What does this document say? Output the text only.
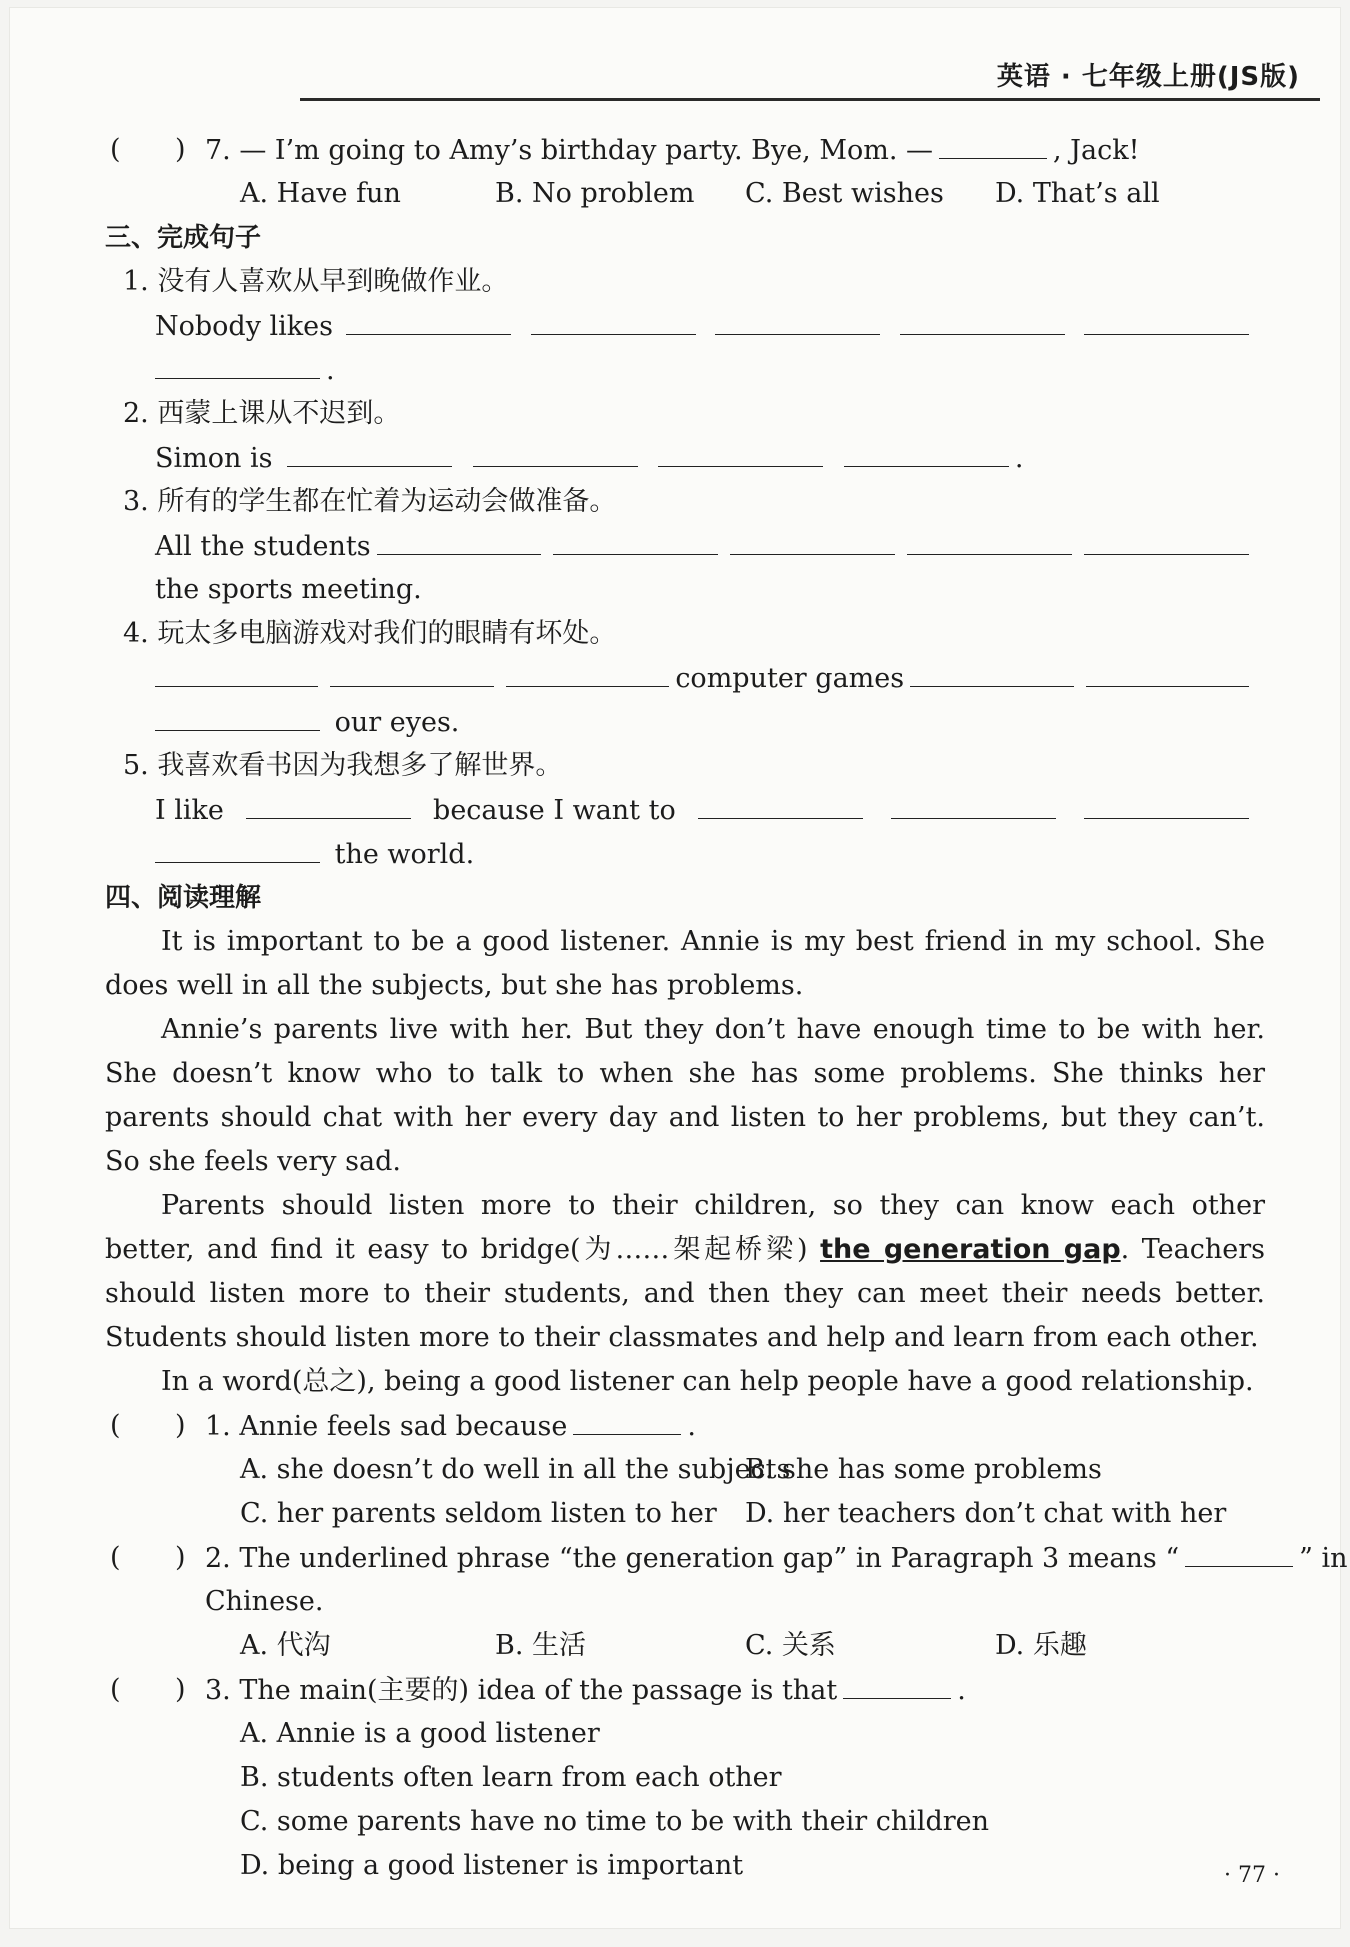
英语 · 七年级上册(JS版)
( ) 7. — I’m going to Amy’s birthday party. Bye, Mom. —	, Jack!
A. Have fun	B. No problem C. Best wishes D. That’s all
三、完成句子
1. 没有人喜欢从早到晚做作业。
Nobody likes
.
2. 西蒙上课从不迟到。
Simon is	.
3. 所有的学生都在忙着为运动会做准备。
All the students
the sports meeting.
4. 玩太多电脑游戏对我们的眼睛有坏处。
computer games
our eyes.
5. 我喜欢看书因为我想多了解世界。
I like	because I want to
the world.
四、阅读理解
It is important to be a good listener. Annie is my best friend in my school. She does well in all the subjects, but she has problems.
Annie’s parents live with her. But they don’t have enough time to be with her. She doesn’t know who to talk to when she has some problems. She thinks her parents should chat with her every day and listen to her problems, but they can’t. So she feels very sad.
Parents should listen more to their children, so they can know each other better, and find it easy to bridge(为……架起桥梁) the generation gap. Teachers should listen more to their students, and then they can meet their needs better. Students should listen more to their classmates and help and learn from each other.
In a word(总之), being a good listener can help people have a good relationship.
( ) 1. Annie feels sad because	.
A. she doesn’t do well in all the subjects
B. she has some problems
C. her parents seldom listen to her D. her teachers don’t chat with her
( ) 2. The underlined phrase “the generation gap” in Paragraph 3 means “	” in
Chinese.
A. 代沟	B. 生活	C. 关系	D. 乐趣
( ) 3. The main(主要的) idea of the passage is that	.
A. Annie is a good listener
B. students often learn from each other
C. some parents have no time to be with their children
D. being a good listener is important	· 77 ·
